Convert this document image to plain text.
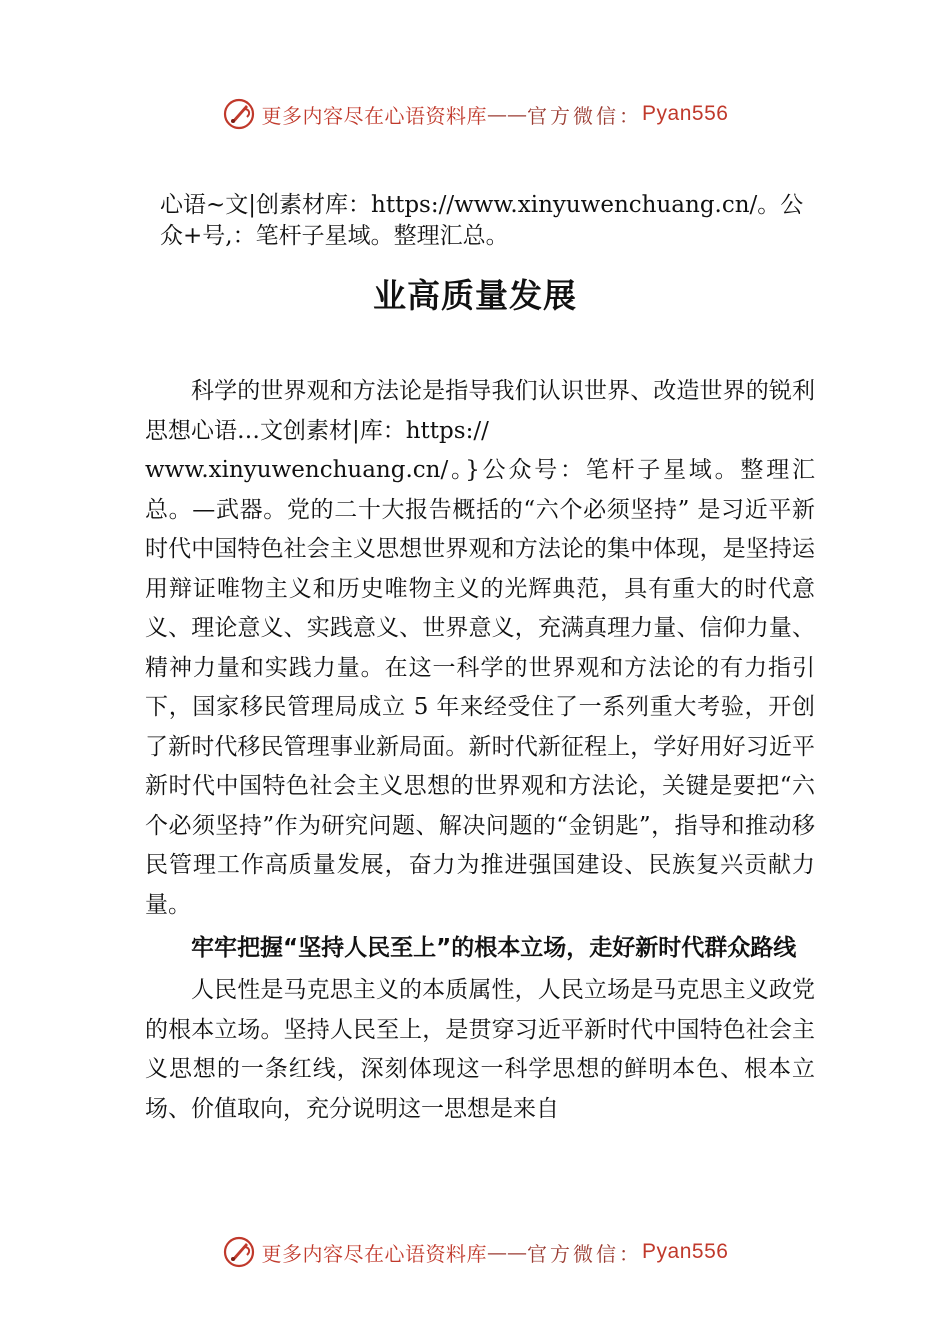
更多内容尽在心语资料库 —— 官方微信： Pyan556
心语~文|创素材库：https://www.xinyuwenchuang.cn/。公
众+号,：笔杆子星域。整理汇总。
业高质量发展

科学的世界观和方法论是指导我们认识世界、改造世界的锐利思想心语…文创素材|库：https://

www.xinyuwenchuang.cn/。}公众号：笔杆子星域。整理汇总。—武器。党的二十大报告概括的“六个必须坚持” 是习近平新时代中国特色社会主义思想世界观和方法论的集中体现，是坚持运用辩证唯物主义和历史唯物主义的光辉典范，具有重大的时代意义、理论意义、实践意义、世界意义，充满真理力量、信仰力量、精神力量和实践力量。在这一科学的世界观和方法论的有力指引下，国家移民管理局成立 5 年来经受住了一系列重大考验，开创了新时代移民管理事业新局面。新时代新征程上，学好用好习近平新时代中国特色社会主义思想的世界观和方法论，关键是要把“六个必须坚持”作为研究问题、解决问题的“金钥匙”，指导和推动移民管理工作高质量发展，奋力为推进强国建设、民族复兴贡献力量。

牢牢把握“坚持人民至上”的根本立场，走好新时代群众路线

人民性是马克思主义的本质属性，人民立场是马克思主义政党的根本立场。坚持人民至上，是贯穿习近平新时代中国特色社会主义思想的一条红线，深刻体现这一科学思想的鲜明本色、根本立场、价值取向，充分说明这一思想是来自

更多内容尽在心语资料库 —— 官方微信： Pyan556
